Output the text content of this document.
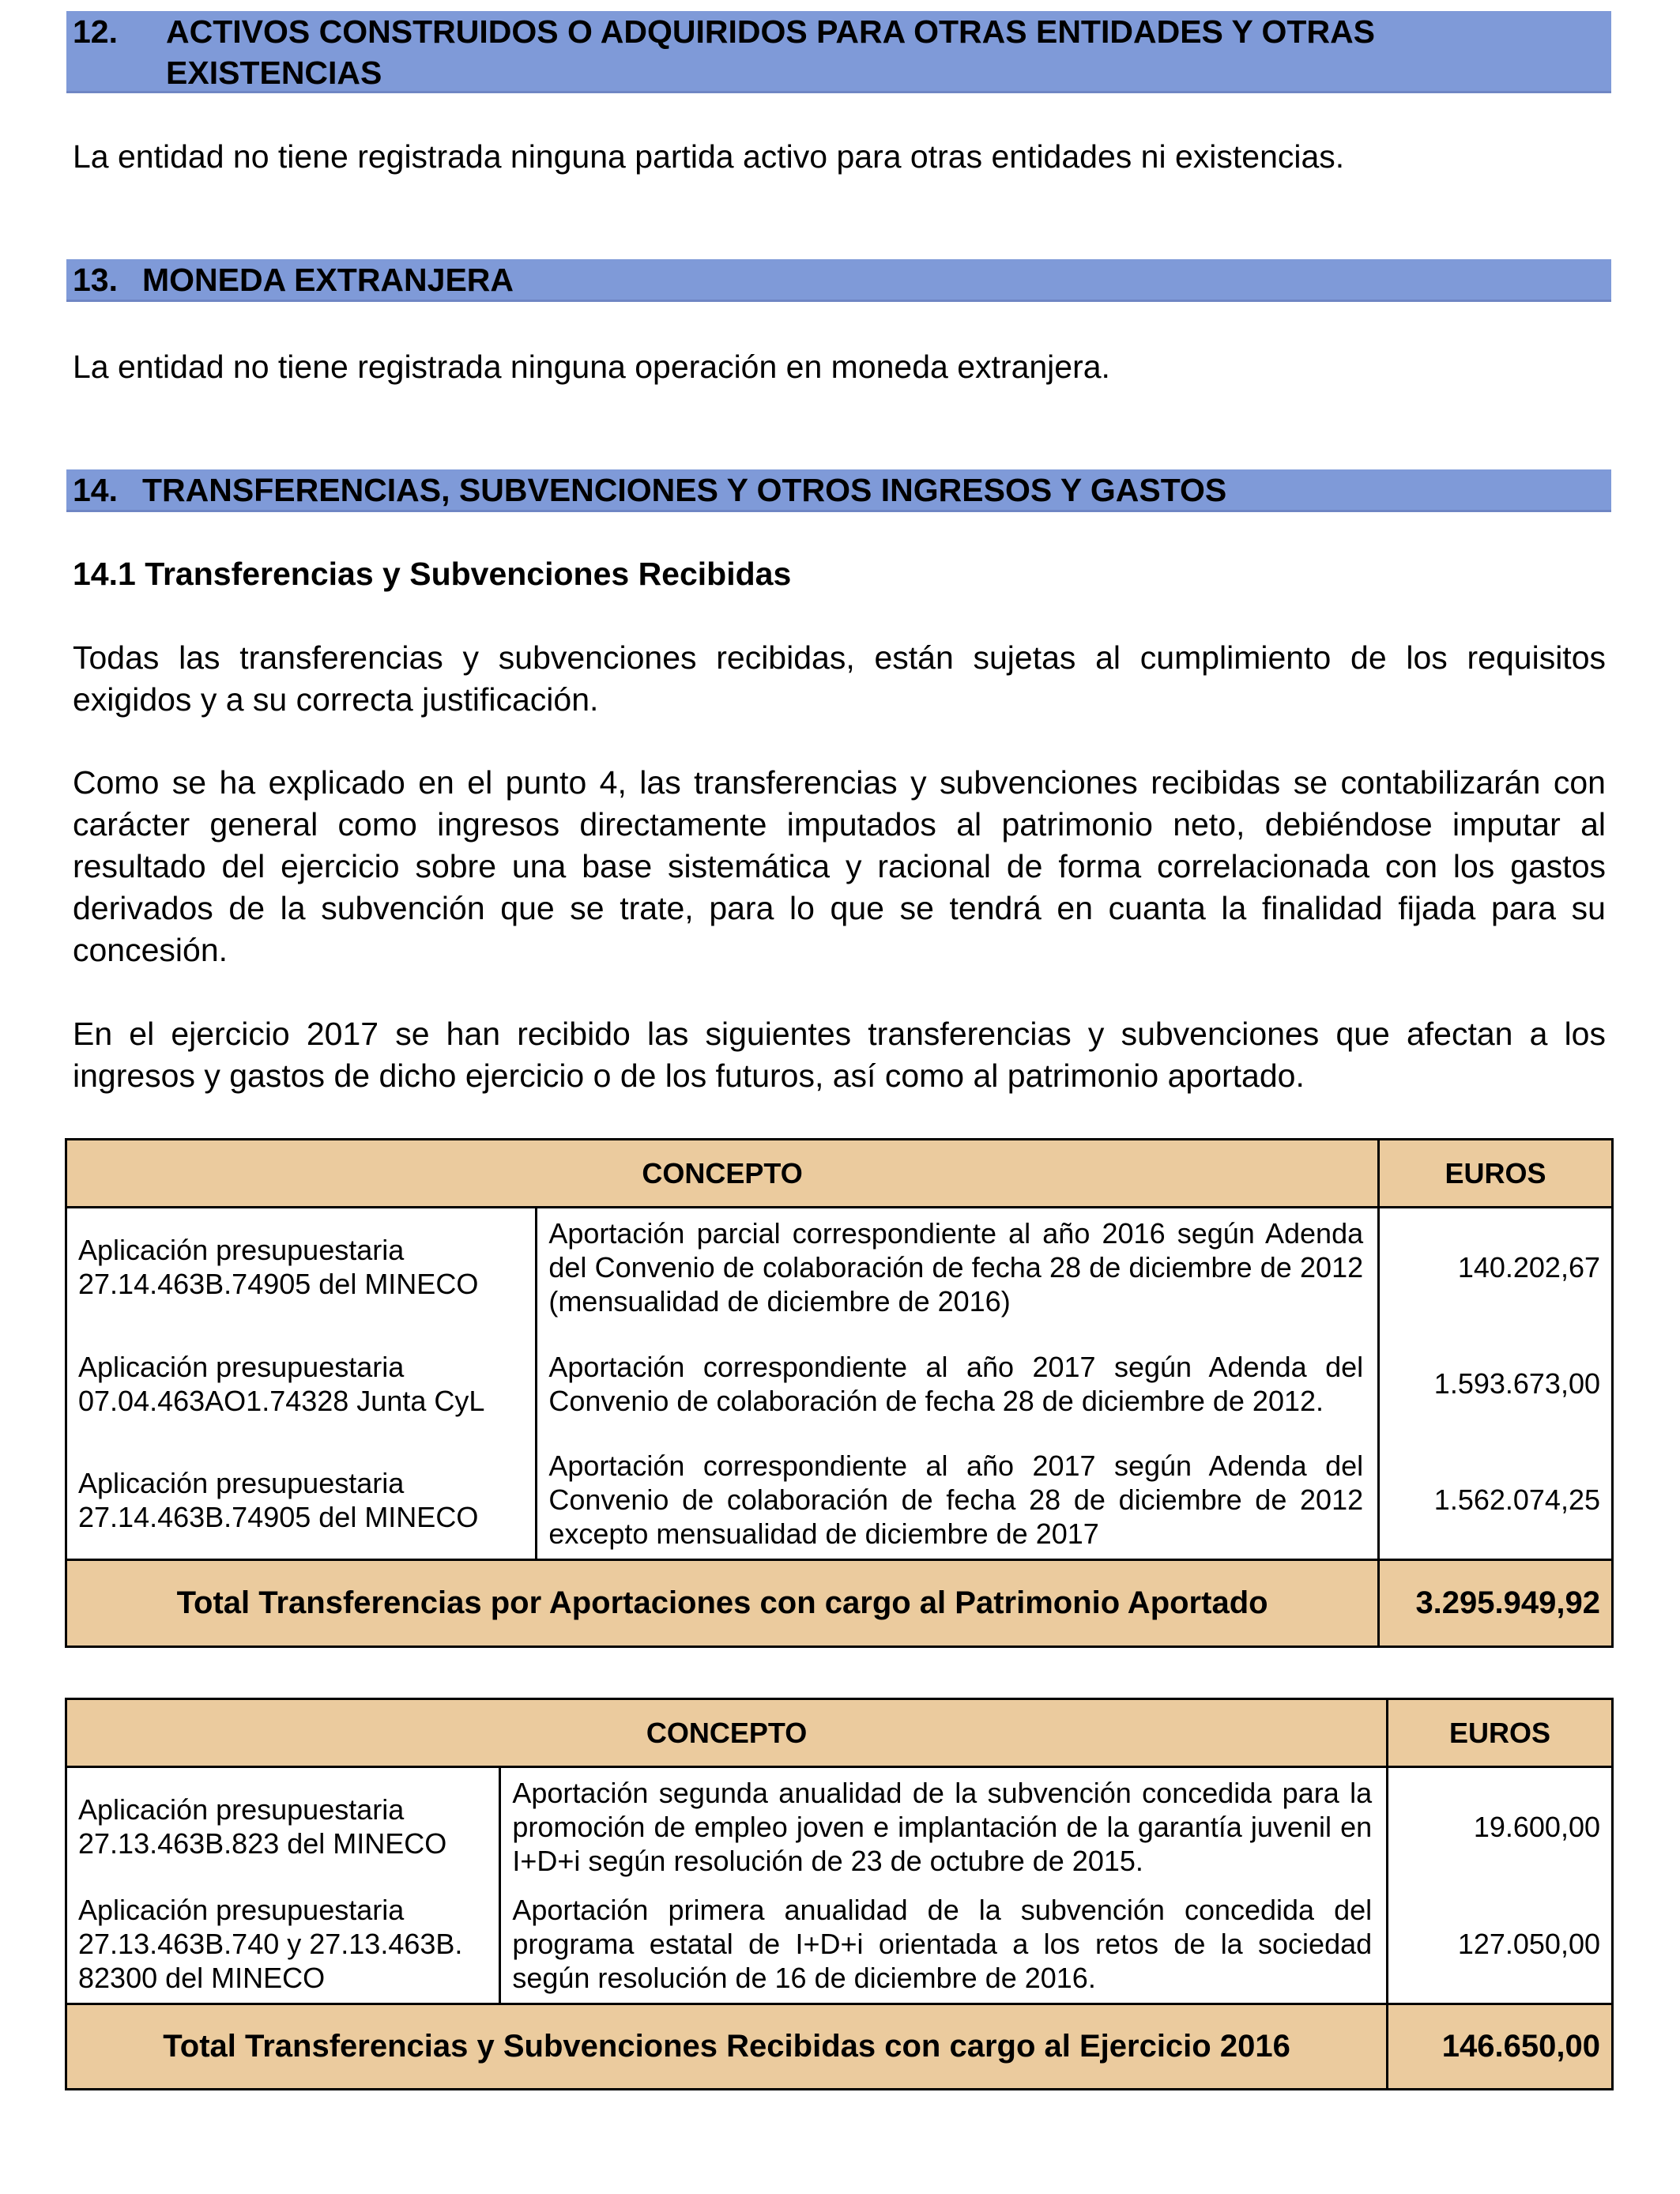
12. ACTIVOS CONSTRUIDOS O ADQUIRIDOS PARA OTRAS ENTIDADES Y OTRAS EXISTENCIAS

La entidad no tiene registrada ninguna partida activo para otras entidades ni existencias.

13. MONEDA EXTRANJERA

La entidad no tiene registrada ninguna operación en moneda extranjera.

14. TRANSFERENCIAS, SUBVENCIONES Y OTROS INGRESOS Y GASTOS
14.1 Transferencias y Subvenciones Recibidas

Todas las transferencias y subvenciones recibidas, están sujetas al cumplimiento de los requisitos exigidos y a su correcta justificación.

Como se ha explicado en el punto 4, las transferencias y subvenciones recibidas se contabilizarán con carácter general como ingresos directamente imputados al patrimonio neto, debiéndose imputar al resultado del ejercicio sobre una base sistemática y racional de forma correlacionada con los gastos derivados de la subvención que se trate, para lo que se tendrá en cuanta la finalidad fijada para su concesión.

En el ejercicio 2017 se han recibido las siguientes transferencias y subvenciones que afectan a los ingresos y gastos de dicho ejercicio o de los futuros, así como al patrimonio aportado.

CONCEPTO		EUROS
Aplicación presupuestaria 27.14.463B.74905 del MINECO	Aportación parcial correspondiente al año 2016 según Adenda del Convenio de colaboración de fecha 28 de diciembre de 2012 (mensualidad de diciembre de 2016)	140.202,67
Aplicación presupuestaria 07.04.463AO1.74328 Junta CyL	Aportación correspondiente al año 2017 según Adenda del Convenio de colaboración de fecha 28 de diciembre de 2012.	1.593.673,00
Aplicación presupuestaria 27.14.463B.74905 del MINECO	Aportación correspondiente al año 2017 según Adenda del Convenio de colaboración de fecha 28 de diciembre de 2012 excepto mensualidad de diciembre de 2017	1.562.074,25
Total Transferencias por Aportaciones con cargo al Patrimonio Aportado		3.295.949,92
CONCEPTO		EUROS
Aplicación presupuestaria 27.13.463B.823 del MINECO	Aportación segunda anualidad de la subvención concedida para la promoción de empleo joven e implantación de la garantía juvenil en I+D+i según resolución de 23 de octubre de 2015.	19.600,00
Aplicación presupuestaria 27.13.463B.740 y 27.13.463B. 82300 del MINECO	Aportación primera anualidad de la subvención concedida del programa estatal de I+D+i orientada a los retos de la sociedad según resolución de 16 de diciembre de 2016.	127.050,00
Total Transferencias y Subvenciones Recibidas con cargo al Ejercicio 2016		146.650,00
